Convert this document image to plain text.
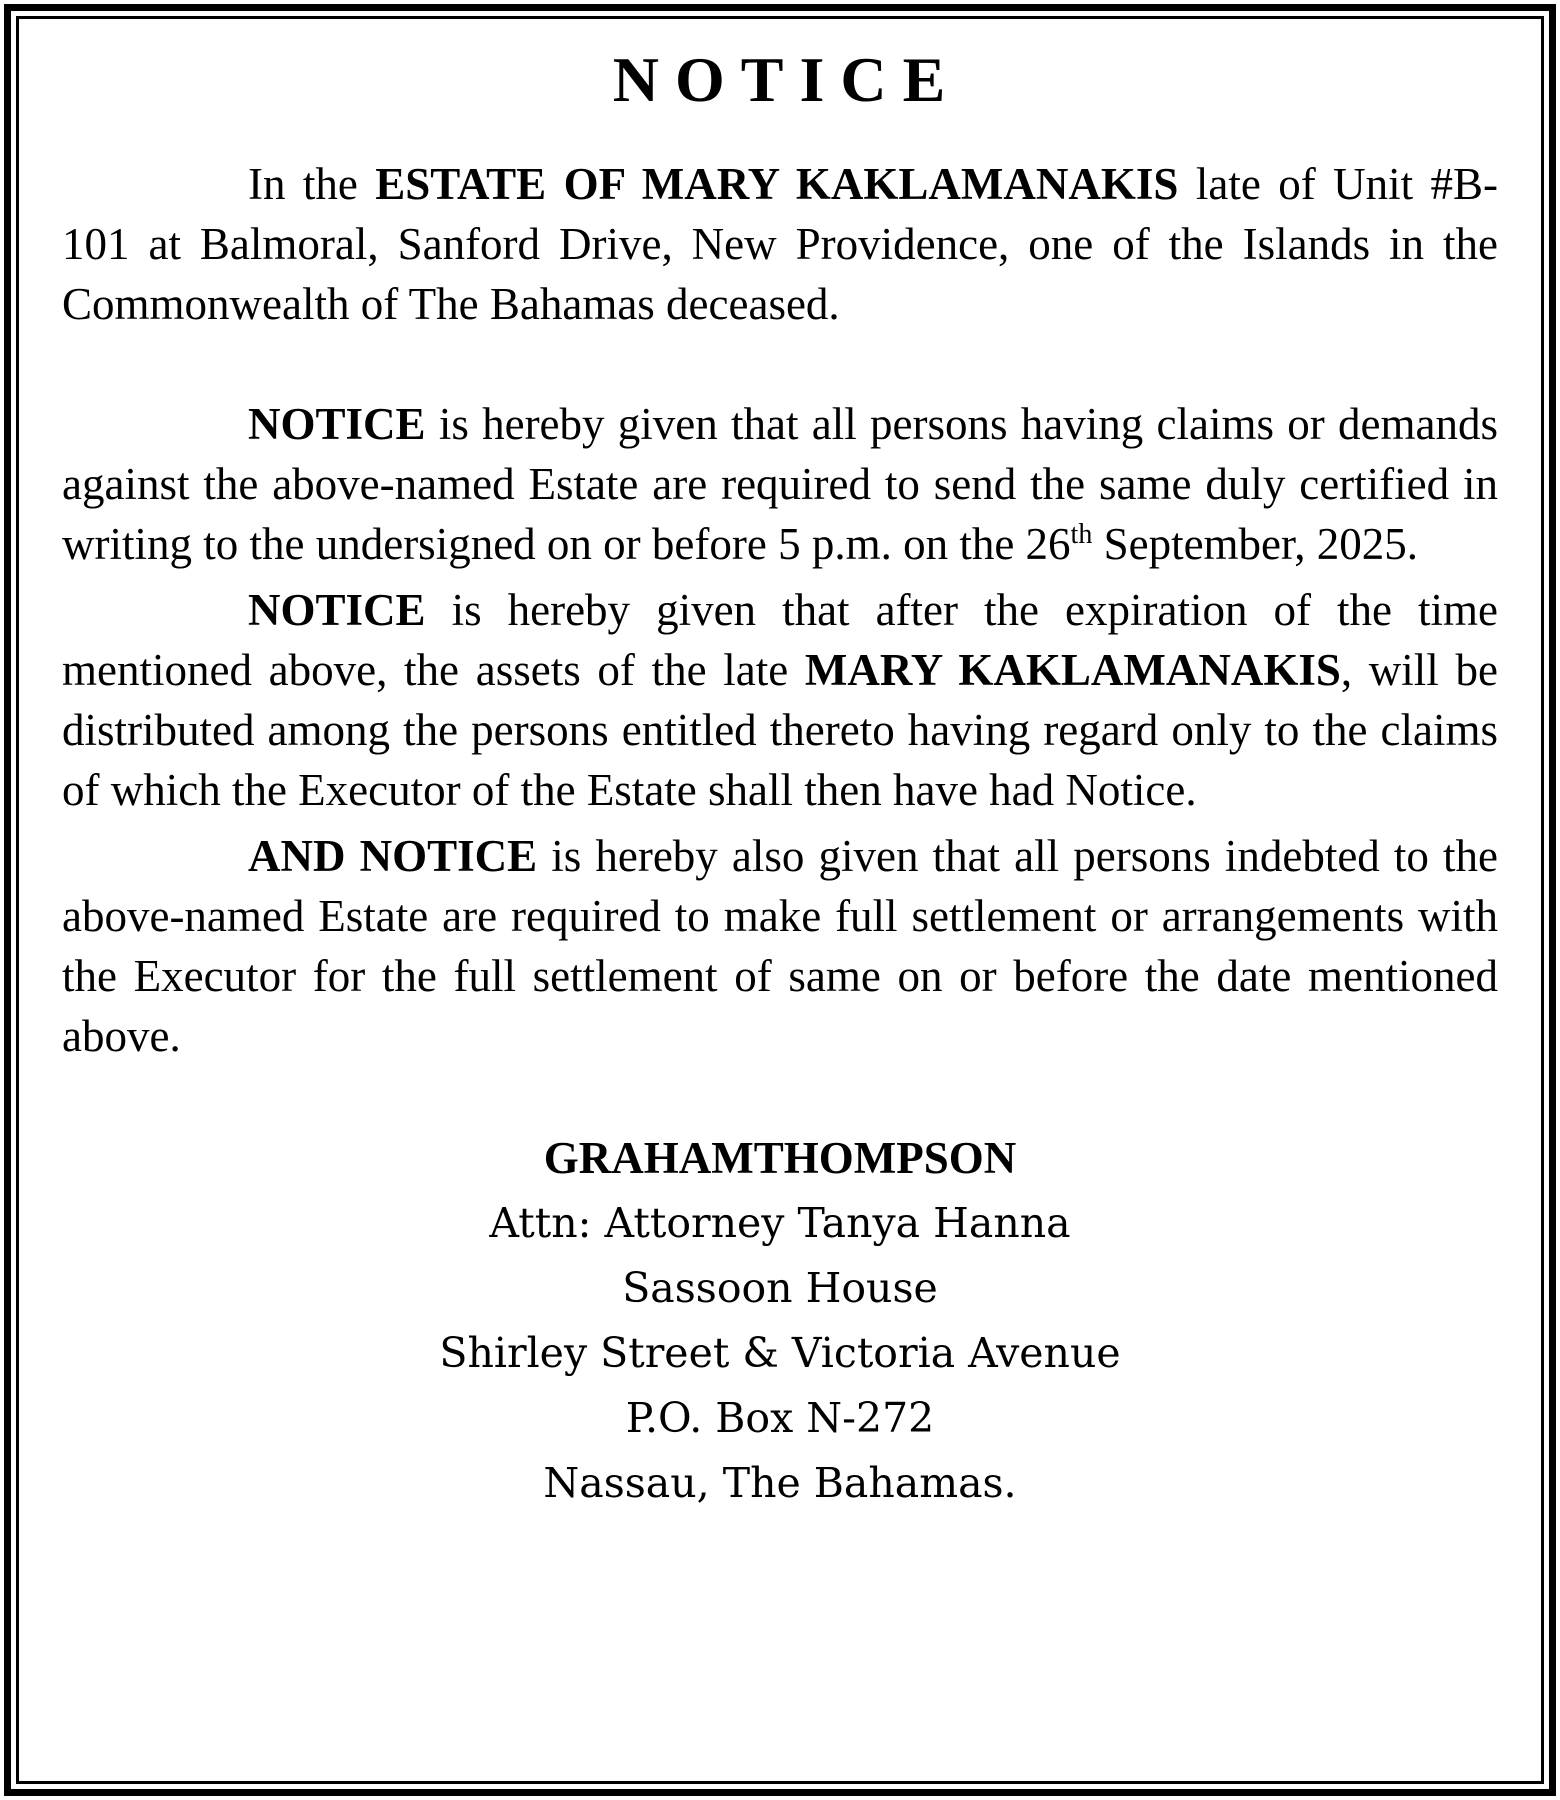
NOTICE

In the ESTATE OF MARY KAKLAMANAKIS late of Unit #B-101 at Balmoral, Sanford Drive, New Providence, one of the Islands in the Commonwealth of The Bahamas deceased.

NOTICE is hereby given that all persons having claims or demands against the above-named Estate are required to send the same duly certified in writing to the undersigned on or before 5 p.m. on the 26th September, 2025.

NOTICE is hereby given that after the expiration of the time mentioned above, the assets of the late MARY KAKLAMANAKIS, will be distributed among the persons entitled thereto having regard only to the claims of which the Executor of the Estate shall then have had Notice.

AND NOTICE is hereby also given that all persons indebted to the above-named Estate are required to make full settlement or arrangements with the Executor for the full settlement of same on or before the date mentioned above.

GRAHAMTHOMPSON
Attn: Attorney Tanya Hanna
Sassoon House
Shirley Street & Victoria Avenue
P.O. Box N-272
Nassau, The Bahamas.
